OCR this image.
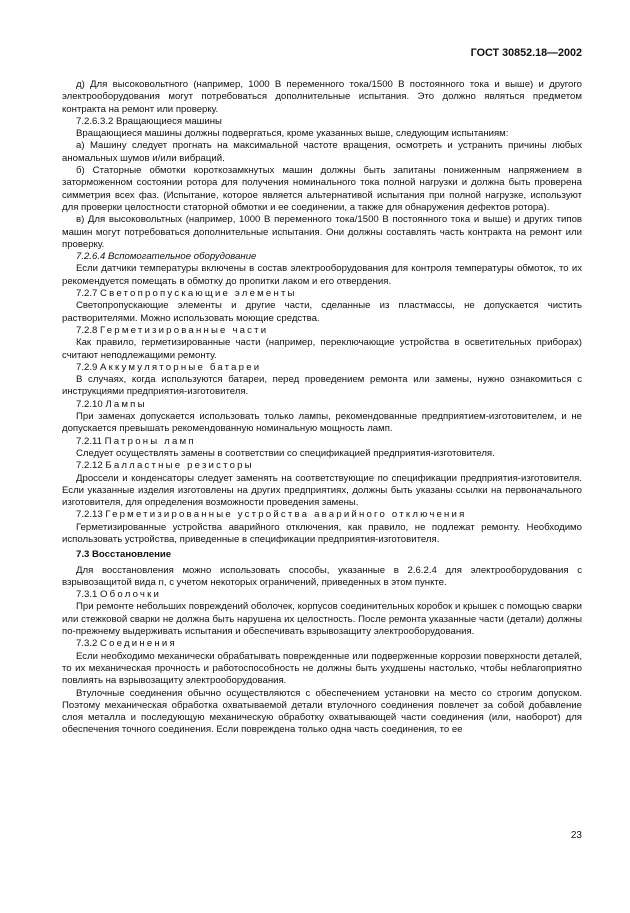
ГОСТ 30852.18—2002
д) Для высоковольтного (например, 1000 В переменного тока/1500 В постоянного тока и выше) и другого электрооборудования могут потребоваться дополнительные испытания. Это должно являться предметом контракта на ремонт или проверку.
7.2.6.3.2 Вращающиеся машины
Вращающиеся машины должны подвергаться, кроме указанных выше, следующим испытаниям:
а) Машину следует прогнать на максимальной частоте вращения, осмотреть и устранить причины любых аномальных шумов и/или вибраций.
б) Статорные обмотки короткозамкнутых машин должны быть запитаны пониженным напряжением в заторможенном состоянии ротора для получения номинального тока полной нагрузки и должна быть проверена симметрия всех фаз. (Испытание, которое является альтернативой испытания при полной нагрузке, используют для проверки целостности статорной обмотки и ее соединении, а также для обнаружения дефектов ротора).
в) Для высоковольтных (например, 1000 В переменного тока/1500 В постоянного тока и выше) и других типов машин могут потребоваться дополнительные испытания. Они должны составлять часть контракта на ремонт или проверку.
7.2.6.4 Вспомогательное оборудование
Если датчики температуры включены в состав электрооборудования для контроля температуры обмоток, то их рекомендуется помещать в обмотку до пропитки лаком и его отвердения.
7.2.7 Светопропускающие элементы
Светопропускающие элементы и другие части, сделанные из пластмассы, не допускается чистить растворителями. Можно использовать моющие средства.
7.2.8 Герметизированные части
Как правило, герметизированные части (например, переключающие устройства в осветительных приборах) считают неподлежащими ремонту.
7.2.9 Аккумуляторные батареи
В случаях, когда используются батареи, перед проведением ремонта или замены, нужно ознакомиться с инструкциями предприятия-изготовителя.
7.2.10 Лампы
При заменах допускается использовать только лампы, рекомендованные предприятием-изготовителем, и не допускается превышать рекомендованную номинальную мощность ламп.
7.2.11 Патроны ламп
Следует осуществлять замены в соответствии со спецификацией предприятия-изготовителя.
7.2.12 Балластные резисторы
Дроссели и конденсаторы следует заменять на соответствующие по спецификации предприятия-изготовителя. Если указанные изделия изготовлены на других предприятиях, должны быть указаны ссылки на первоначального изготовителя, для определения возможности проведения замены.
7.2.13 Герметизированные устройства аварийного отключения
Герметизированные устройства аварийного отключения, как правило, не подлежат ремонту. Необходимо использовать устройства, приведенные в спецификации предприятия-изготовителя.
7.3 Восстановление
Для восстановления можно использовать способы, указанные в 2.6.2.4 для электрооборудования с взрывозащитой вида n, с учетом некоторых ограничений, приведенных в этом пункте.
7.3.1 Оболочки
При ремонте небольших повреждений оболочек, корпусов соединительных коробок и крышек с помощью сварки или стежковой сварки не должна быть нарушена их целостность. После ремонта указанные части (детали) должны по-прежнему выдерживать испытания и обеспечивать взрывозащиту электрооборудования.
7.3.2 Соединения
Если необходимо механически обрабатывать поврежденные или подверженные коррозии поверхности деталей, то их механическая прочность и работоспособность не должны быть ухудшены настолько, чтобы неблагоприятно повлиять на взрывозащиту электрооборудования.
Втулочные соединения обычно осуществляются с обеспечением установки на место со строгим допуском. Поэтому механическая обработка охватываемой детали втулочного соединения повлечет за собой добавление слоя металла и последующую механическую обработку охватывающей части соединения (или, наоборот) для обеспечения точного соединения. Если повреждена только одна часть соединения, то ее
23
